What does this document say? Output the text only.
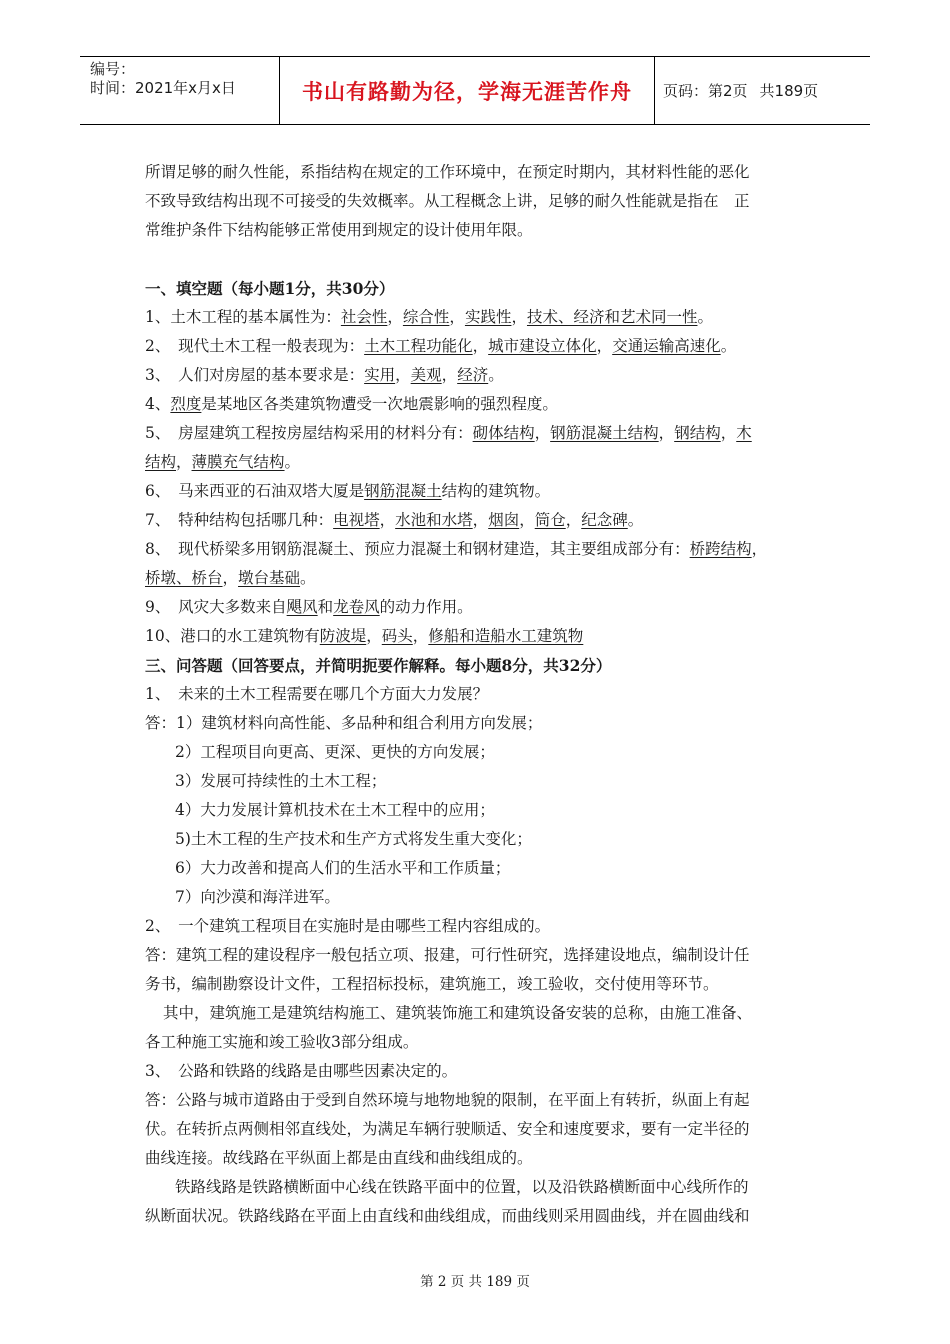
编号：
时间：2021年x月x日	书山有路勤为径，学海无涯苦作舟 页码：第2页 共189页

所谓足够的耐久性能，系指结构在规定的工作环境中，在预定时期内，其材料性能的恶化

不致导致结构出现不可接受的失效概率。从工程概念上讲，足够的耐久性能就是指在　正

常维护条件下结构能够正常使用到规定的设计使用年限。

一、填空题（每小题1分，共30分）

1、土木工程的基本属性为：社会性，综合性，实践性，技术、经济和艺术同一性。

2、　现代土木工程一般表现为：土木工程功能化，城市建设立体化，交通运输高速化。

3、　人们对房屋的基本要求是：实用，美观，经济。

4、烈度是某地区各类建筑物遭受一次地震影响的强烈程度。

5、　房屋建筑工程按房屋结构采用的材料分有：砌体结构，钢筋混凝土结构，钢结构，木

结构，薄膜充气结构。

6、　马来西亚的石油双塔大厦是钢筋混凝土结构的建筑物。

7、　特种结构包括哪几种：电视塔，水池和水塔，烟囱，筒仓，纪念碑。

8、　现代桥梁多用钢筋混凝土、预应力混凝土和钢材建造，其主要组成部分有：桥跨结构，

桥墩、桥台，墩台基础。

9、　风灾大多数来自飓风和龙卷风的动力作用。

10、港口的水工建筑物有防波堤，码头，修船和造船水工建筑物

三、问答题（回答要点，并简明扼要作解释。每小题8分，共32分）

1、　未来的土木工程需要在哪几个方面大力发展？

答：1）建筑材料向高性能、多品种和组合利用方向发展；

2）工程项目向更高、更深、更快的方向发展；

3）发展可持续性的土木工程；

4）大力发展计算机技术在土木工程中的应用；

5)土木工程的生产技术和生产方式将发生重大变化；

6）大力改善和提高人们的生活水平和工作质量；

7）向沙漠和海洋进军。

2、　一个建筑工程项目在实施时是由哪些工程内容组成的。

答：建筑工程的建设程序一般包括立项、报建，可行性研究，选择建设地点，编制设计任

务书，编制勘察设计文件，工程招标投标，建筑施工，竣工验收，交付使用等环节。

其中，建筑施工是建筑结构施工、建筑装饰施工和建筑设备安装的总称，由施工准备、

各工种施工实施和竣工验收3部分组成。

3、　公路和铁路的线路是由哪些因素决定的。

答：公路与城市道路由于受到自然环境与地物地貌的限制，在平面上有转折，纵面上有起

伏。在转折点两侧相邻直线处，为满足车辆行驶顺适、安全和速度要求，要有一定半径的

曲线连接。故线路在平纵面上都是由直线和曲线组成的。

铁路线路是铁路横断面中心线在铁路平面中的位置，以及沿铁路横断面中心线所作的

纵断面状况。铁路线路在平面上由直线和曲线组成，而曲线则采用圆曲线，并在圆曲线和

第 2 页 共 189 页
